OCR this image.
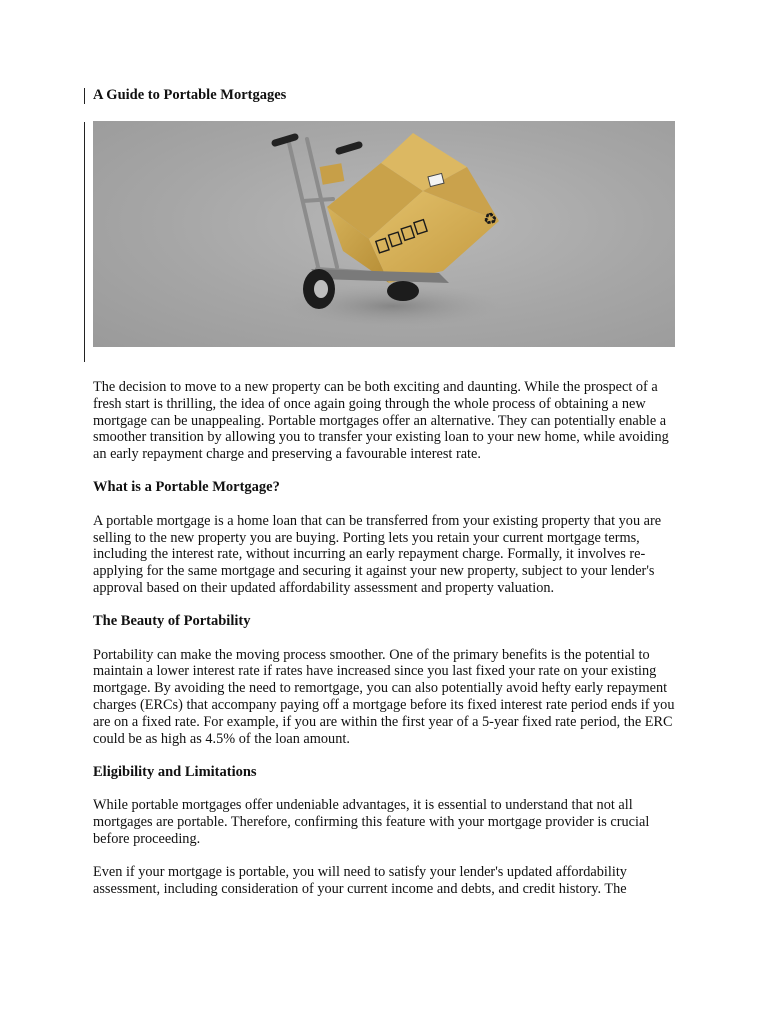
A Guide to Portable Mortgages
♻

The decision to move to a new property can be both exciting and daunting. While the prospect of a fresh start is thrilling, the idea of once again going through the whole process of obtaining a new mortgage can be unappealing. Portable mortgages offer an alternative. They can potentially enable a smoother transition by allowing you to transfer your existing loan to your new home, while avoiding an early repayment charge and preserving a favourable interest rate.

What is a Portable Mortgage?

A portable mortgage is a home loan that can be transferred from your existing property that you are selling to the new property you are buying. Porting lets you retain your current mortgage terms, including the interest rate, without incurring an early repayment charge. Formally, it involves re-applying for the same mortgage and securing it against your new property, subject to your lender's approval based on their updated affordability assessment and property valuation.

The Beauty of Portability

Portability can make the moving process smoother. One of the primary benefits is the potential to maintain a lower interest rate if rates have increased since you last fixed your rate on your existing mortgage. By avoiding the need to remortgage, you can also potentially avoid hefty early repayment charges (ERCs) that accompany paying off a mortgage before its fixed interest rate period ends if you are on a fixed rate. For example, if you are within the first year of a 5-year fixed rate period, the ERC could be as high as 4.5% of the loan amount.

Eligibility and Limitations

While portable mortgages offer undeniable advantages, it is essential to understand that not all mortgages are portable. Therefore, confirming this feature with your mortgage provider is crucial before proceeding.

Even if your mortgage is portable, you will need to satisfy your lender's updated affordability assessment, including consideration of your current income and debts, and credit history. The
